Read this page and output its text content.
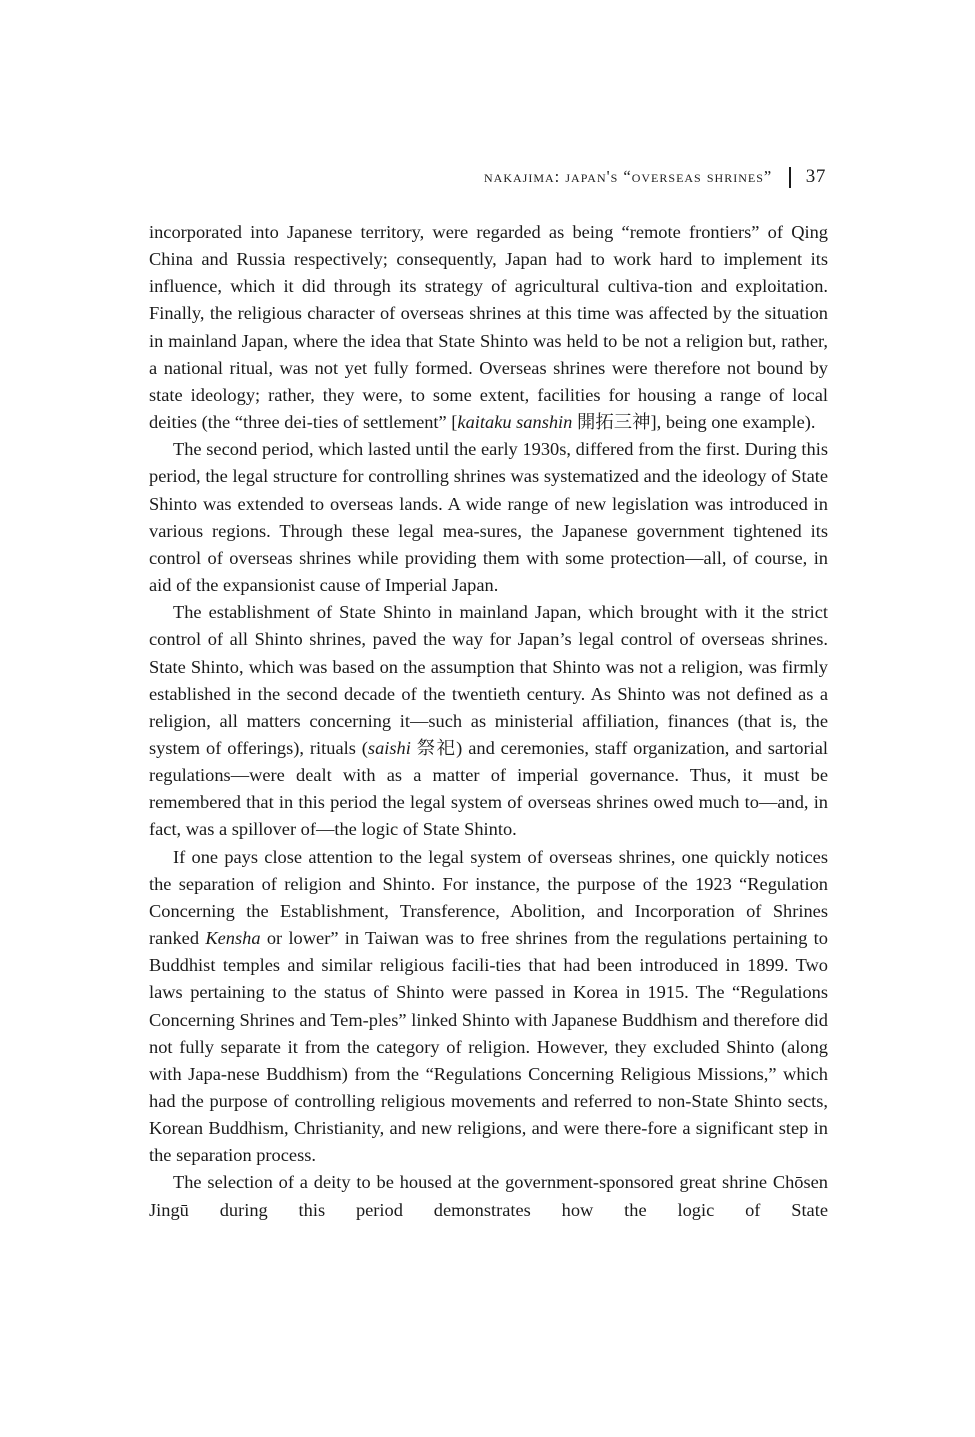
nakajima: japan's “overseas shrines” 37

incorporated into Japanese territory, were regarded as being “remote frontiers” of Qing China and Russia respectively; consequently, Japan had to work hard to implement its influence, which it did through its strategy of agricultural cultiva-tion and exploitation. Finally, the religious character of overseas shrines at this time was affected by the situation in mainland Japan, where the idea that State Shinto was held to be not a religion but, rather, a national ritual, was not yet fully formed. Overseas shrines were therefore not bound by state ideology; rather, they were, to some extent, facilities for housing a range of local deities (the “three dei-ties of settlement” [kaitaku sanshin 開拓三神], being one example).

The second period, which lasted until the early 1930s, differed from the first. During this period, the legal structure for controlling shrines was systematized and the ideology of State Shinto was extended to overseas lands. A wide range of new legislation was introduced in various regions. Through these legal mea-sures, the Japanese government tightened its control of overseas shrines while providing them with some protection—all, of course, in aid of the expansionist cause of Imperial Japan.

The establishment of State Shinto in mainland Japan, which brought with it the strict control of all Shinto shrines, paved the way for Japan’s legal control of overseas shrines. State Shinto, which was based on the assumption that Shinto was not a religion, was firmly established in the second decade of the twentieth century. As Shinto was not defined as a religion, all matters concerning it—such as ministerial affiliation, finances (that is, the system of offerings), rituals (saishi 祭祀) and ceremonies, staff organization, and sartorial regulations—were dealt with as a matter of imperial governance. Thus, it must be remembered that in this period the legal system of overseas shrines owed much to—and, in fact, was a spillover of—the logic of State Shinto.

If one pays close attention to the legal system of overseas shrines, one quickly notices the separation of religion and Shinto. For instance, the purpose of the 1923 “Regulation Concerning the Establishment, Transference, Abolition, and Incorporation of Shrines ranked Kensha or lower” in Taiwan was to free shrines from the regulations pertaining to Buddhist temples and similar religious facili-ties that had been introduced in 1899. Two laws pertaining to the status of Shinto were passed in Korea in 1915. The “Regulations Concerning Shrines and Tem-ples” linked Shinto with Japanese Buddhism and therefore did not fully separate it from the category of religion. However, they excluded Shinto (along with Japa-nese Buddhism) from the “Regulations Concerning Religious Missions,” which had the purpose of controlling religious movements and referred to non-State Shinto sects, Korean Buddhism, Christianity, and new religions, and were there-fore a significant step in the separation process.

The selection of a deity to be housed at the government-sponsored great shrine Chōsen Jingū during this period demonstrates how the logic of State
